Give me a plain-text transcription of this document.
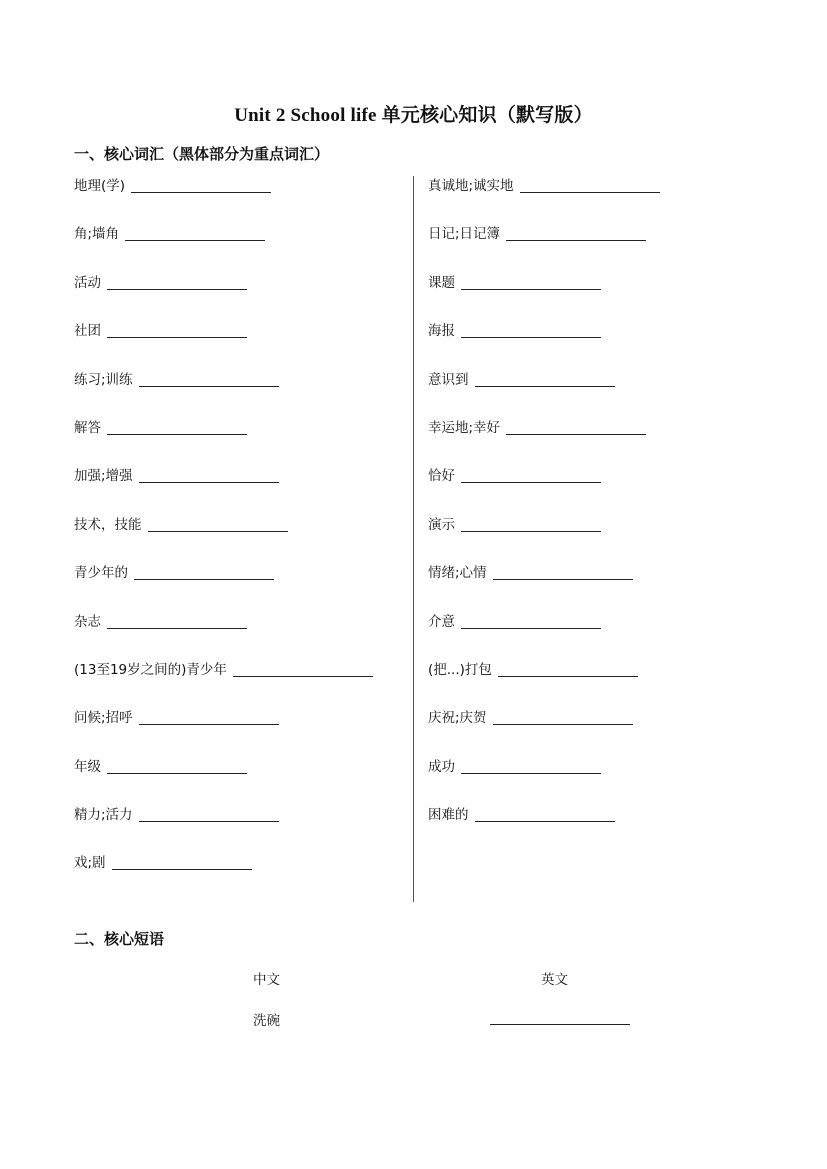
Unit 2 School life 单元核心知识（默写版）
一、核心词汇（黑体部分为重点词汇）
地理(学)
角;墙角
活动
社团
练习;训练
解答
加强;增强
技术，技能
青少年的
杂志
(13至19岁之间的)青少年
问候;招呼
年级
精力;活力
戏;剧
真诚地;诚实地
日记;日记簿
课题
海报
意识到
幸运地;幸好
恰好
演示
情绪;心情
介意
(把...)打包
庆祝;庆贺
成功
困难的
二、核心短语
中文	英文
洗碗
